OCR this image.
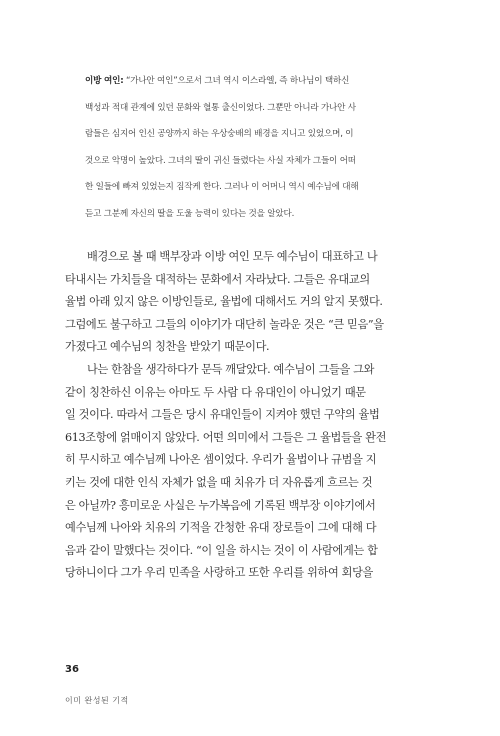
이방 여인: “가나안 여인”으로서 그녀 역시 이스라엘, 즉 하나님이 택하신
백성과 적대 관계에 있던 문화와 혈통 출신이었다. 그뿐만 아니라 가나안 사
람들은 심지어 인신 공양까지 하는 우상숭배의 배경을 지니고 있었으며, 이
것으로 악명이 높았다. 그녀의 딸이 귀신 들렸다는 사실 자체가 그들이 어떠
한 일들에 빠져 있었는지 짐작케 한다. 그러나 이 어머니 역시 예수님에 대해
듣고 그분께 자신의 딸을 도울 능력이 있다는 것을 알았다.
배경으로 볼 때 백부장과 이방 여인 모두 예수님이 대표하고 나
타내시는 가치들을 대적하는 문화에서 자라났다. 그들은 유대교의
율법 아래 있지 않은 이방인들로, 율법에 대해서도 거의 알지 못했다.
그럼에도 불구하고 그들의 이야기가 대단히 놀라운 것은 “큰 믿음”을
가졌다고 예수님의 칭찬을 받았기 때문이다.
나는 한참을 생각하다가 문득 깨달았다. 예수님이 그들을 그와
같이 칭찬하신 이유는 아마도 두 사람 다 유대인이 아니었기 때문
일 것이다. 따라서 그들은 당시 유대인들이 지켜야 했던 구약의 율법
613조항에 얽매이지 않았다. 어떤 의미에서 그들은 그 율법들을 완전
히 무시하고 예수님께 나아온 셈이었다. 우리가 율법이나 규범을 지
키는 것에 대한 인식 자체가 없을 때 치유가 더 자유롭게 흐르는 것
은 아닐까? 흥미로운 사실은 누가복음에 기록된 백부장 이야기에서
예수님께 나아와 치유의 기적을 간청한 유대 장로들이 그에 대해 다
음과 같이 말했다는 것이다. “이 일을 하시는 것이 이 사람에게는 합
당하니이다 그가 우리 민족을 사랑하고 또한 우리를 위하여 회당을
36
이미 완성된 기적
